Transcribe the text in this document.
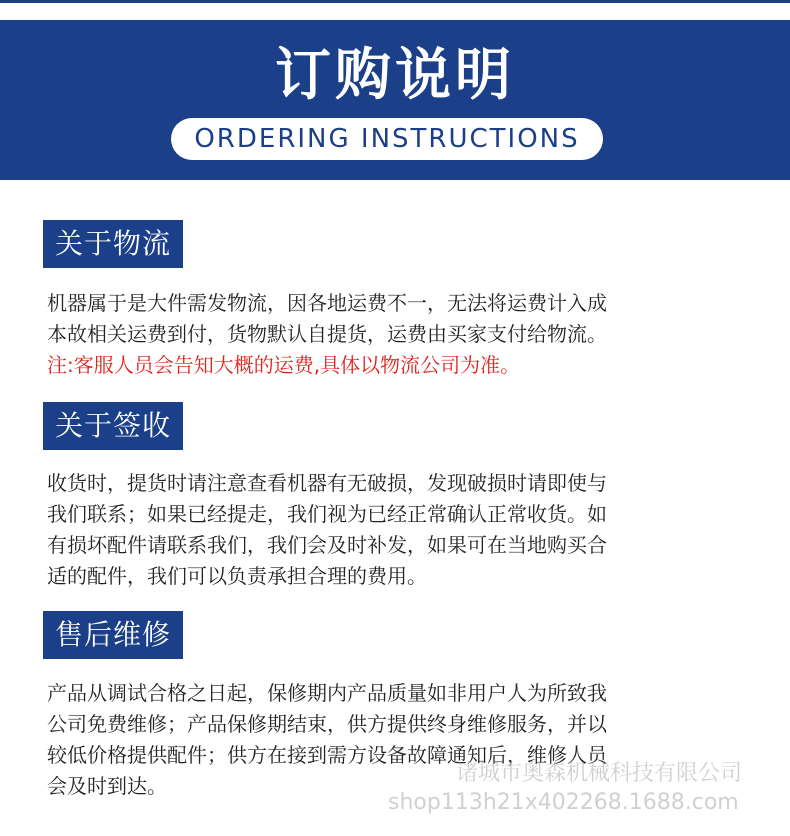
订购说明
ORDERING INSTRUCTIONS
关于物流
机器属于是大件需发物流，因各地运费不一，无法将运费计入成
本故相关运费到付，货物默认自提货，运费由买家支付给物流。
注:客服人员会告知大概的运费,具体以物流公司为准。
关于签收
收货时，提货时请注意查看机器有无破损，发现破损时请即使与
我们联系；如果已经提走，我们视为已经正常确认正常收货。如
有损坏配件请联系我们，我们会及时补发，如果可在当地购买合
适的配件，我们可以负责承担合理的费用。
售后维修
产品从调试合格之日起，保修期内产品质量如非用户人为所致我
公司免费维修；产品保修期结束，供方提供终身维修服务，并以
较低价格提供配件；供方在接到需方设备故障通知后，维修人员
会及时到达。	诸城市奥森机械科技有限公司
shop113h21x402268.1688.com
